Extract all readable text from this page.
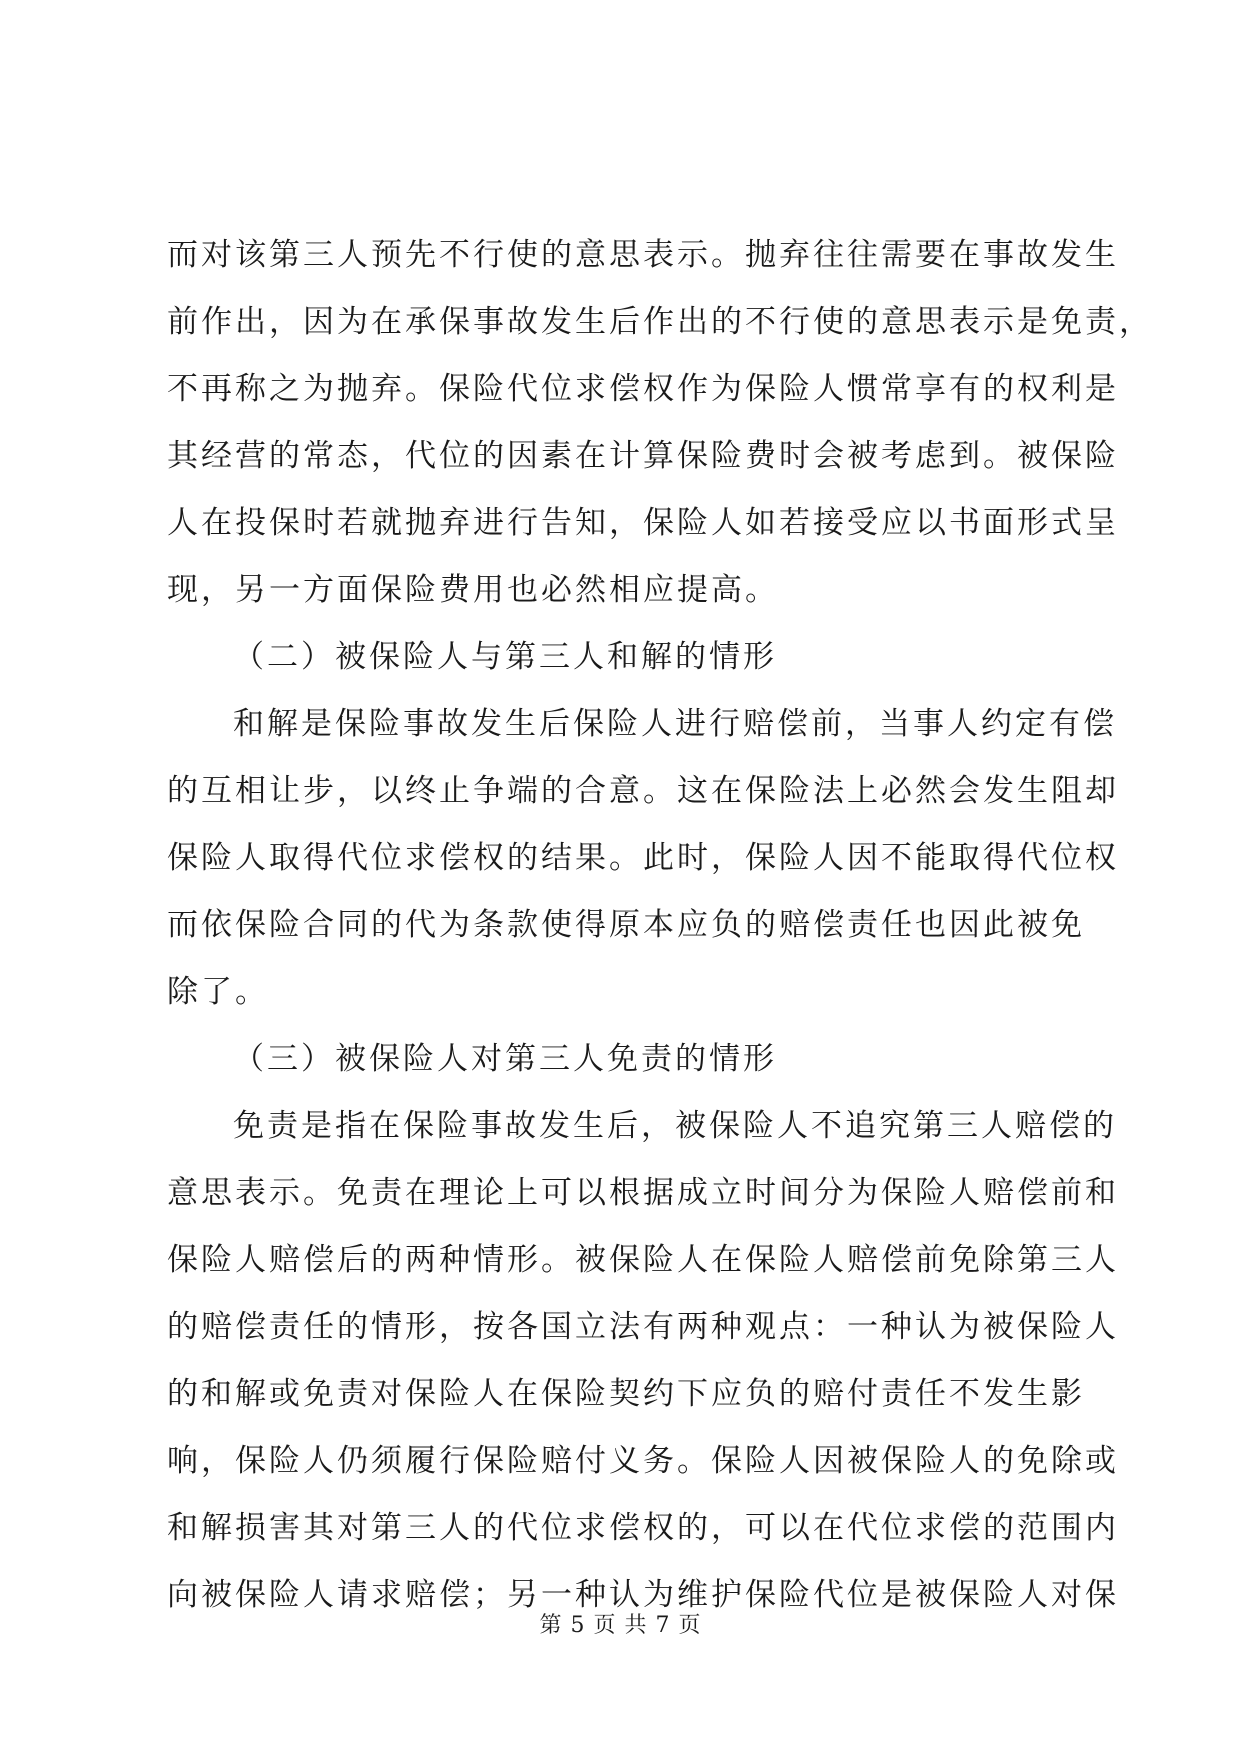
而对该第三人预先不行使的意思表示。抛弃往往需要在事故发生
前作出，因为在承保事故发生后作出的不行使的意思表示是免责，
不再称之为抛弃。保险代位求偿权作为保险人惯常享有的权利是
其经营的常态，代位的因素在计算保险费时会被考虑到。被保险
人在投保时若就抛弃进行告知，保险人如若接受应以书面形式呈
现，另一方面保险费用也必然相应提高。
（二）被保险人与第三人和解的情形
和解是保险事故发生后保险人进行赔偿前，当事人约定有偿
的互相让步，以终止争端的合意。这在保险法上必然会发生阻却
保险人取得代位求偿权的结果。此时，保险人因不能取得代位权
而依保险合同的代为条款使得原本应负的赔偿责任也因此被免
除了。
（三）被保险人对第三人免责的情形
免责是指在保险事故发生后，被保险人不追究第三人赔偿的
意思表示。免责在理论上可以根据成立时间分为保险人赔偿前和
保险人赔偿后的两种情形。被保险人在保险人赔偿前免除第三人
的赔偿责任的情形，按各国立法有两种观点：一种认为被保险人
的和解或免责对保险人在保险契约下应负的赔付责任不发生影
响，保险人仍须履行保险赔付义务。保险人因被保险人的免除或
和解损害其对第三人的代位求偿权的，可以在代位求偿的范围内
向被保险人请求赔偿；另一种认为维护保险代位是被保险人对保
第 5 页 共 7 页
